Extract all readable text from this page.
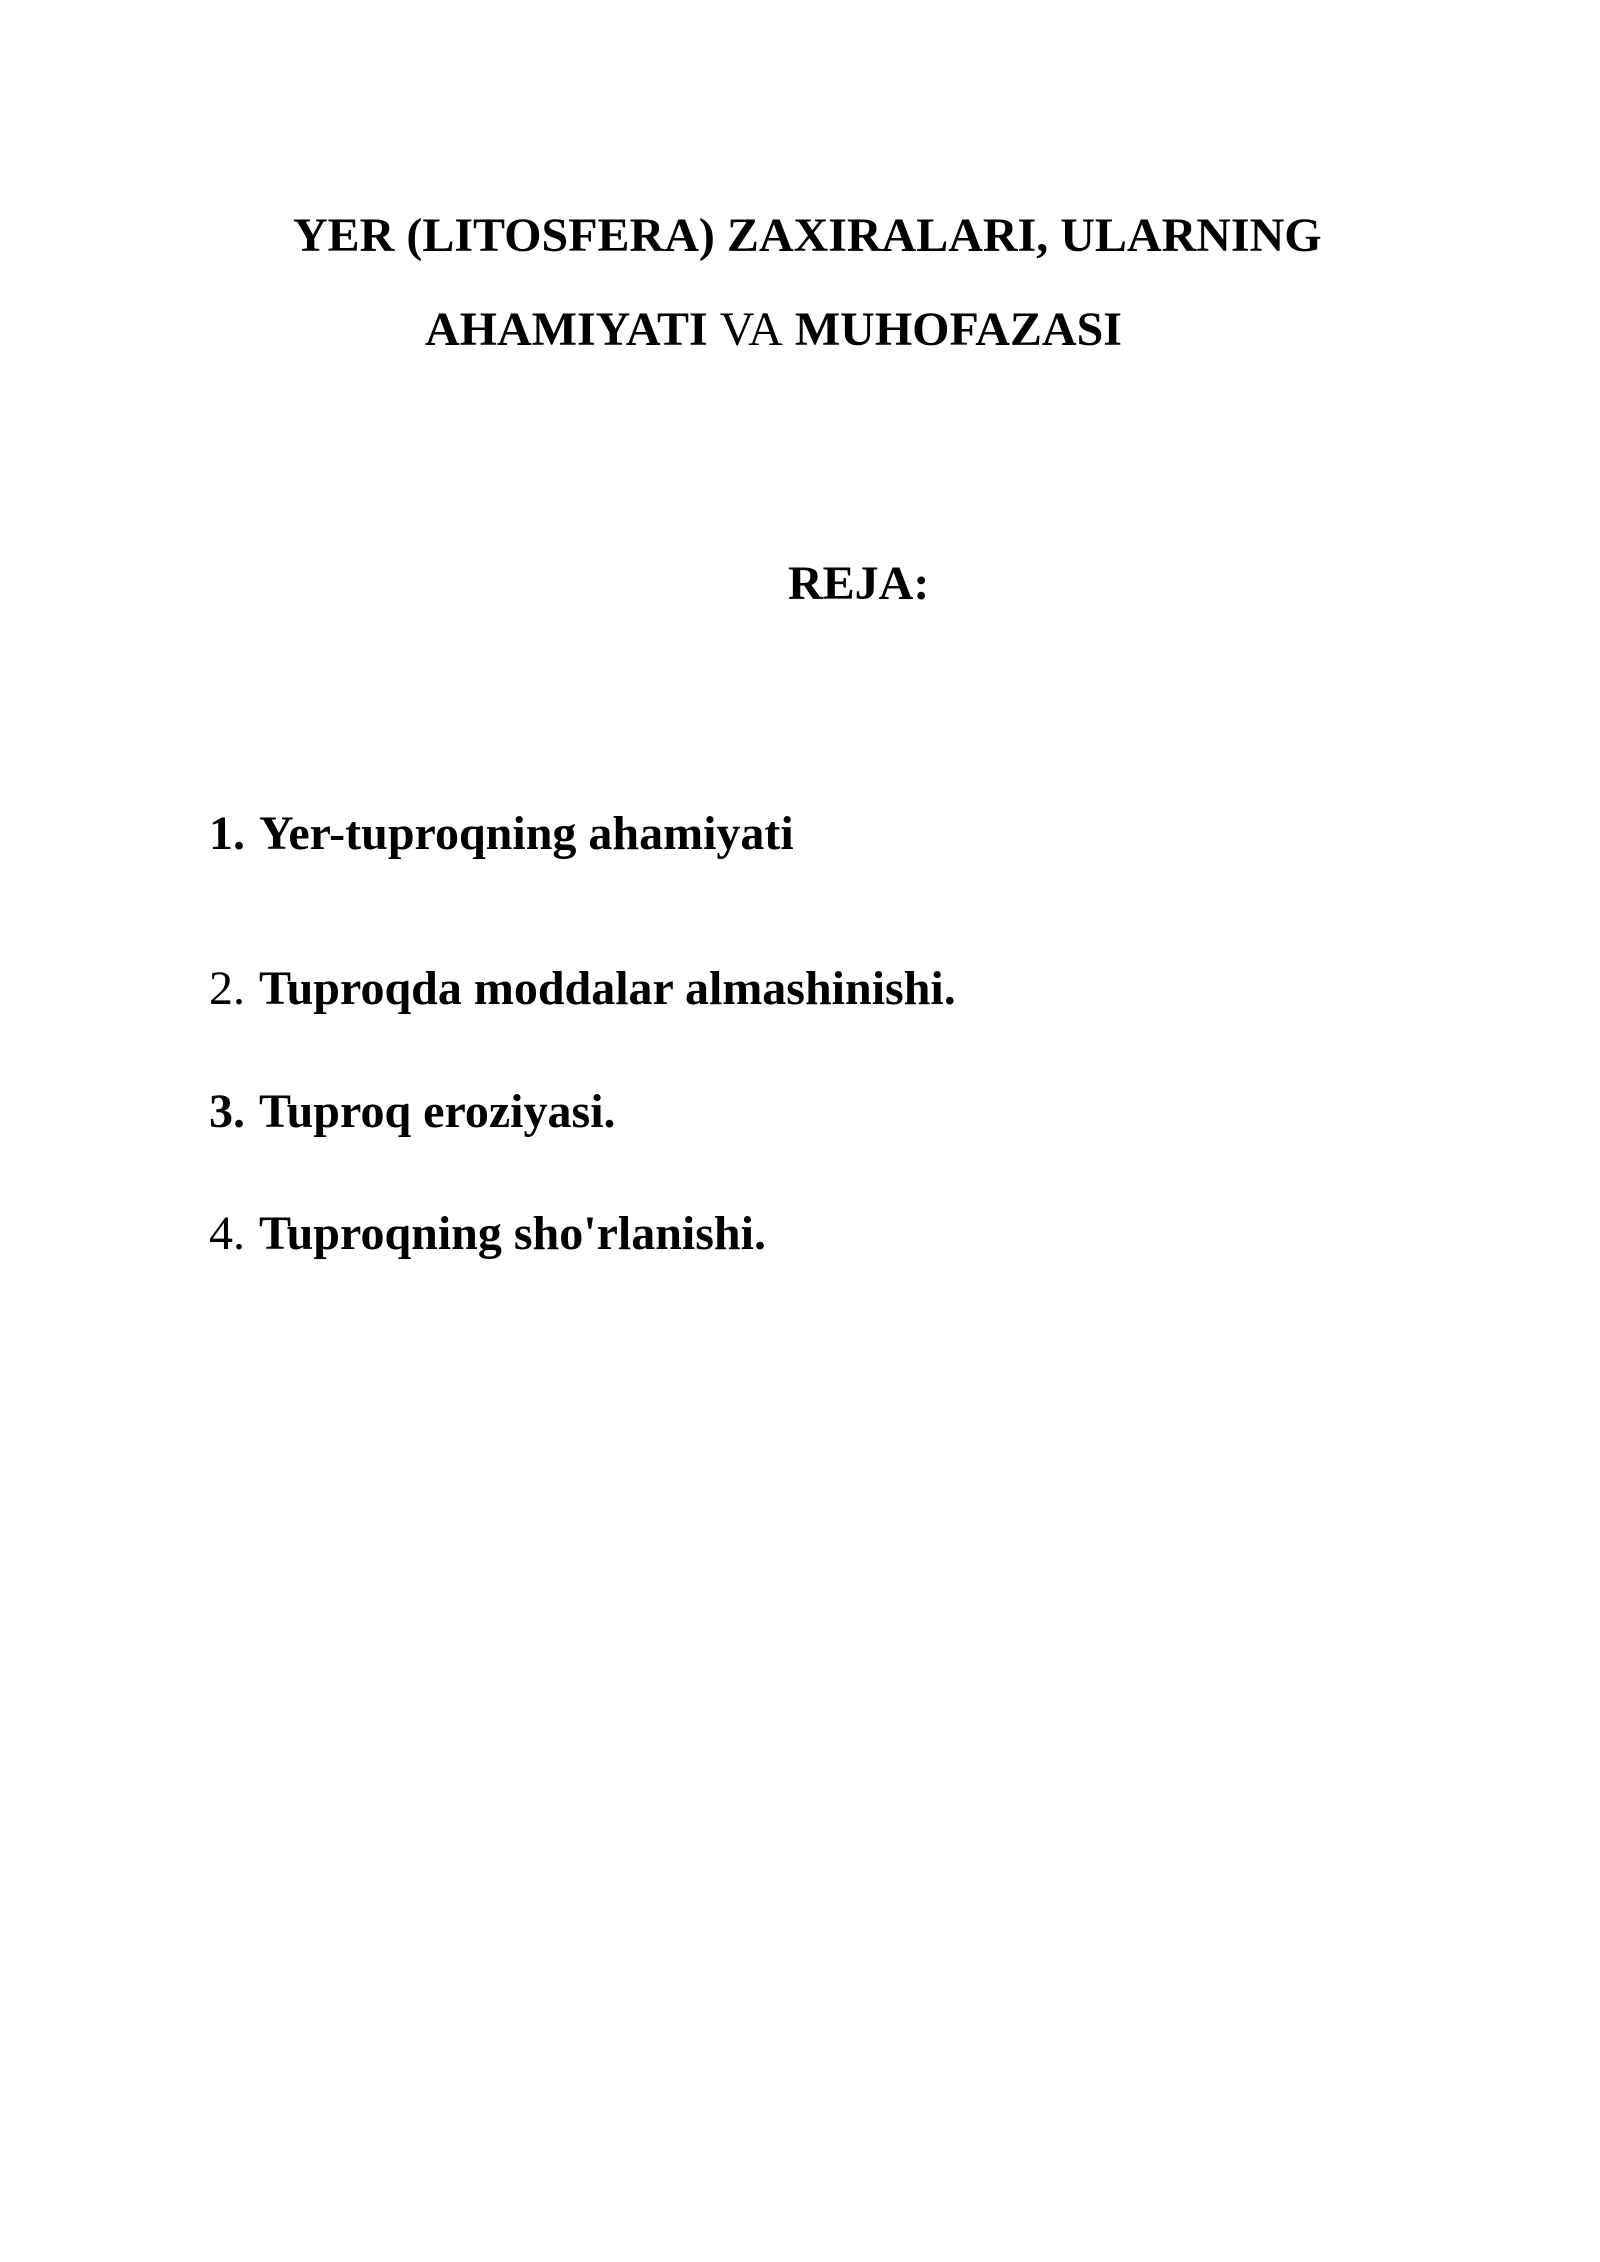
YER (LITOSFERA) ZAXIRALARI, ULARNING
AHAMIYATI VA MUHOFAZASI
REJA:
1. Yer-tuproqning ahamiyati
2. Tuproqda moddalar almashinishi.
3. Tuproq eroziyasi.
4. Tuproqning sho'rlanishi.
